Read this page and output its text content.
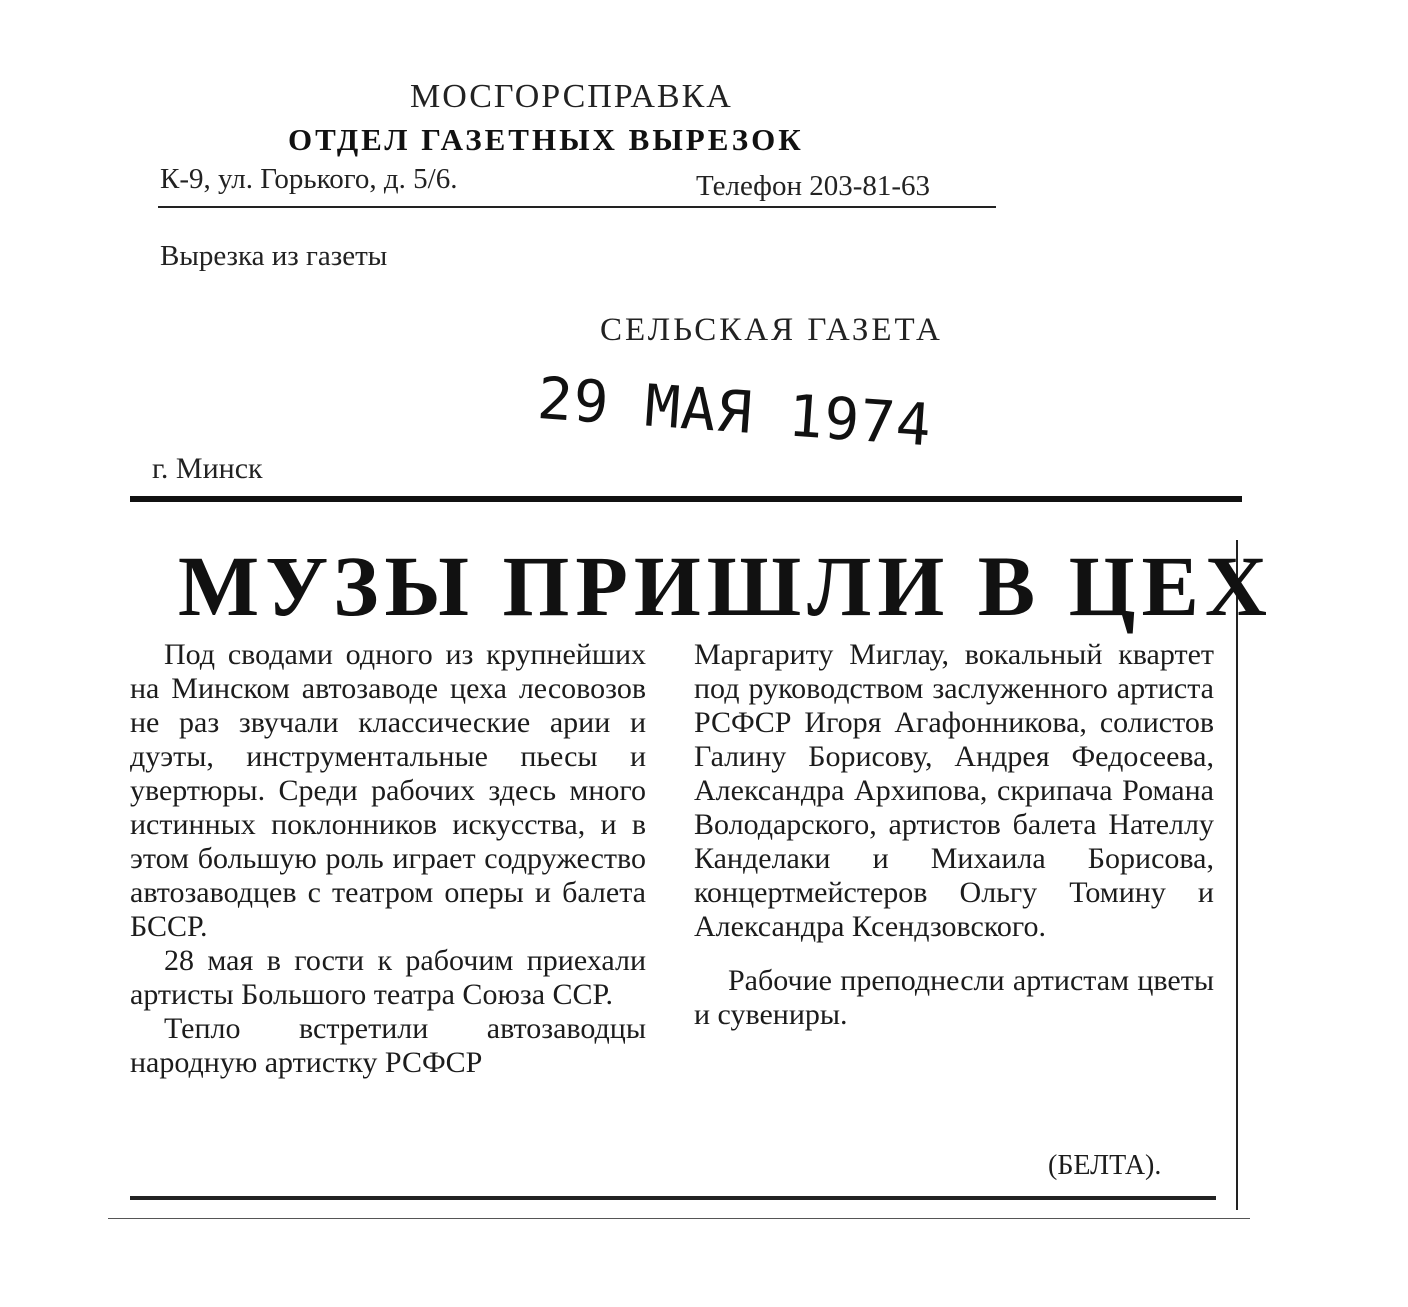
МОСГОРСПРАВКА
ОТДЕЛ ГАЗЕТНЫХ ВЫРЕЗОК
К-9, ул. Горького, д. 5/6.	Телефон 203-81-63
Вырезка из газеты
СЕЛЬСКАЯ ГАЗЕТА
29 МАЯ 1974
г. Минск
МУЗЫ ПРИШЛИ В ЦЕХ

Под сводами одного из крупнейших на Минском автозаводе цеха лесовозов не раз звучали классические арии и дуэты, инструментальные пьесы и увертюры. Среди рабочих здесь много истинных поклонников искусства, и в этом большую роль играет содружество автозаводцев с театром оперы и балета БССР.

28 мая в гости к рабочим приехали артисты Большого театра Союза ССР.

Тепло встретили автозаводцы народную артистку РСФСР

Маргариту Миглау, вокальный квартет под руководством заслуженного артиста РСФСР Игоря Агафонникова, солистов Галину Борисову, Андрея Федосеева, Александра Архипова, скрипача Романа Володарского, артистов балета Нателлу Канделаки и Михаила Борисова, концертмейстеров Ольгу Томину и Александра Ксендзовского.

Рабочие преподнесли артистам цветы и сувениры.

(БЕЛТА).
